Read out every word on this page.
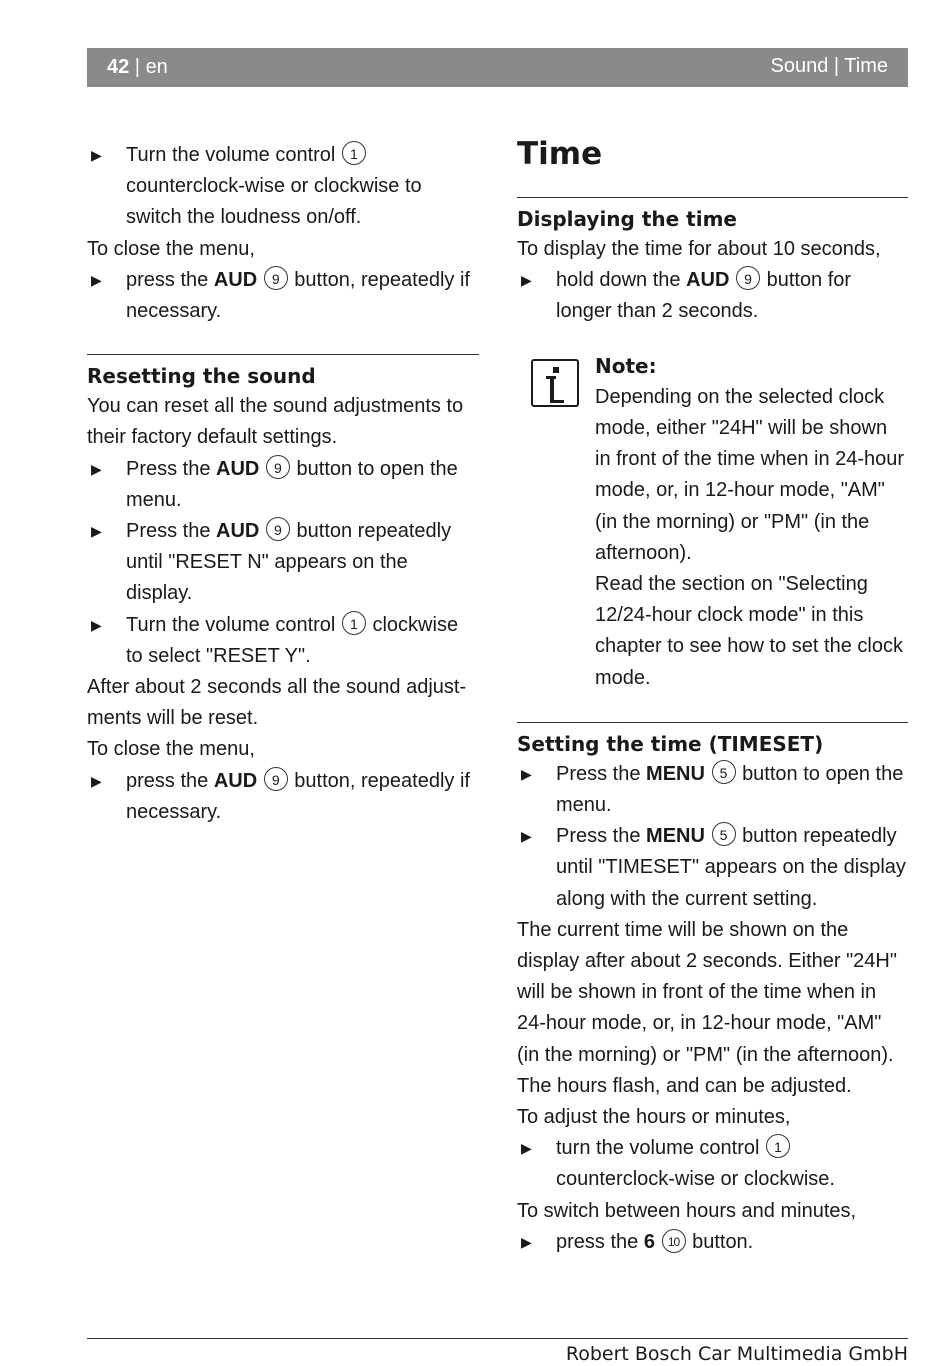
42 | en	Sound | Time

▶ Turn the volume control 1 counterclock-wise or clockwise to switch the loudness on/off.

To close the menu,

▶ press the AUD 9 button, repeatedly if necessary.

Resetting the sound

You can reset all the sound adjustments to their factory default settings.

▶ Press the AUD 9 button to open the menu.

▶ Press the AUD 9 button repeatedly until "RESET N" appears on the display.

▶ Turn the volume control 1 clockwise to select "RESET Y".

After about 2 seconds all the sound adjust-ments will be reset.

To close the menu,

▶ press the AUD 9 button, repeatedly if necessary.

Time

Displaying the time

To display the time for about 10 seconds,

▶ hold down the AUD 9 button for longer than 2 seconds.

Note:

Depending on the selected clock mode, either "24H" will be shown in front of the time when in 24-hour mode, or, in 12-hour mode, "AM" (in the morning) or "PM" (in the afternoon).

Read the section on "Selecting 12/24-hour clock mode" in this chapter to see how to set the clock mode.

Setting the time (TIMESET)

▶ Press the MENU 5 button to open the menu.

▶ Press the MENU 5 button repeatedly until "TIMESET" appears on the display along with the current setting.

The current time will be shown on the display after about 2 seconds. Either "24H" will be shown in front of the time when in 24-hour mode, or, in 12-hour mode, "AM" (in the morning) or "PM" (in the afternoon). The hours flash, and can be adjusted.

To adjust the hours or minutes,

▶ turn the volume control 1 counterclock-wise or clockwise.

To switch between hours and minutes,

▶ press the 6 10 button.

Robert Bosch Car Multimedia GmbH
